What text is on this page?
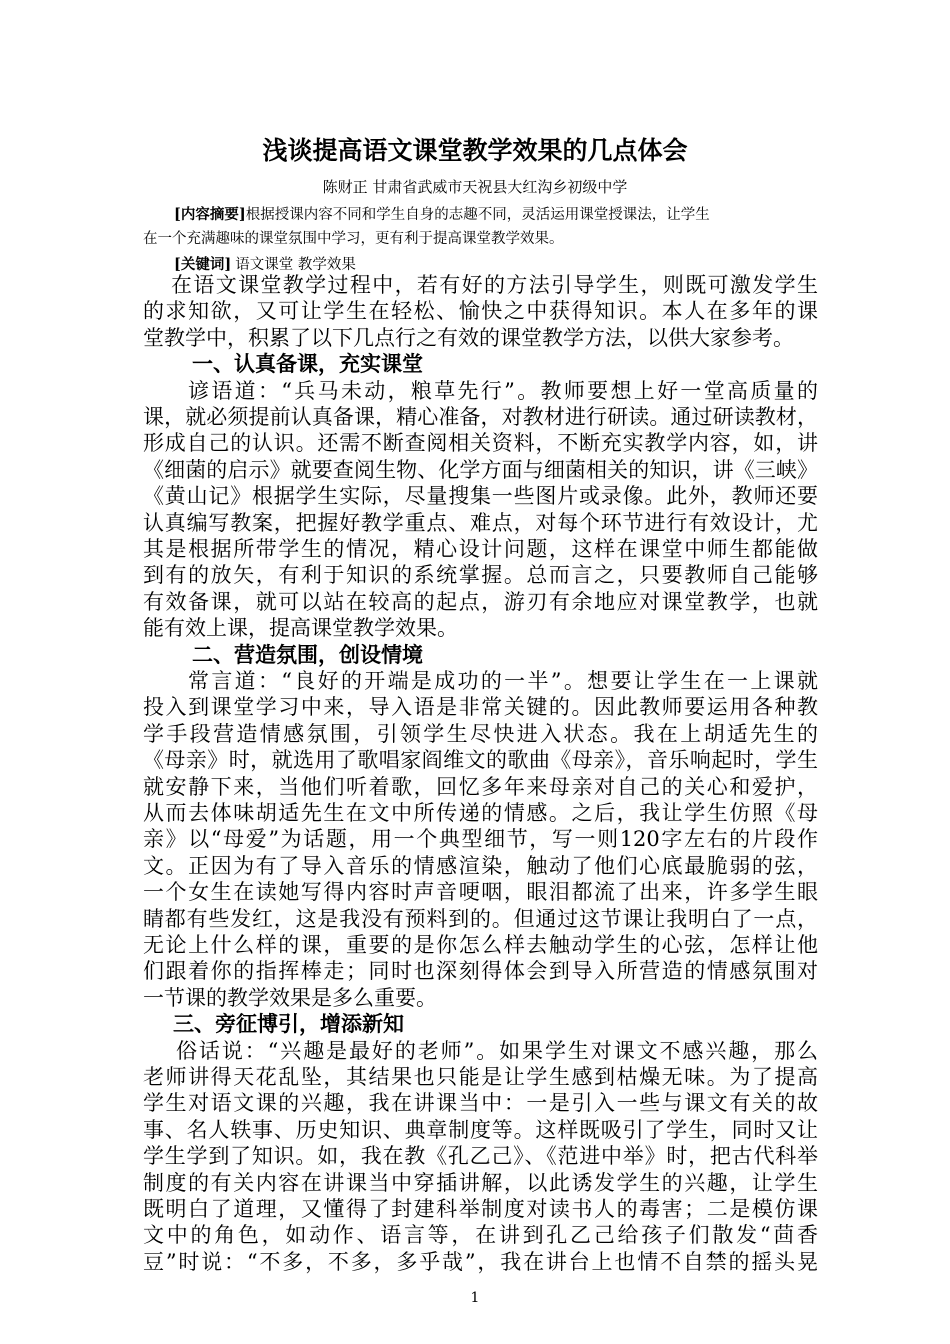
浅谈提高语文课堂教学效果的几点体会
陈财正 甘肃省武威市天祝县大红沟乡初级中学
[内容摘要]根据授课内容不同和学生自身的志趣不同，灵活运用课堂授课法，让学生
在一个充满趣味的课堂氛围中学习，更有利于提高课堂教学效果。
[关键词] 语文课堂 教学效果
在语文课堂教学过程中，若有好的方法引导学生，则既可激发学生
的求知欲，又可让学生在轻松、愉快之中获得知识。本人在多年的课
堂教学中，积累了以下几点行之有效的课堂教学方法，以供大家参考。
一、认真备课，充实课堂
谚语道：“兵马未动，粮草先行”。教师要想上好一堂高质量的
课，就必须提前认真备课，精心准备，对教材进行研读。通过研读教材，
形成自己的认识。还需不断查阅相关资料，不断充实教学内容，如，讲
《细菌的启示》就要查阅生物、化学方面与细菌相关的知识，讲《三峡》
《黄山记》根据学生实际，尽量搜集一些图片或录像。此外，教师还要
认真编写教案，把握好教学重点、难点，对每个环节进行有效设计，尤
其是根据所带学生的情况，精心设计问题，这样在课堂中师生都能做
到有的放矢，有利于知识的系统掌握。总而言之，只要教师自己能够
有效备课，就可以站在较高的起点，游刃有余地应对课堂教学，也就
能有效上课，提高课堂教学效果。
二、营造氛围，创设情境
常言道：“良好的开端是成功的一半”。想要让学生在一上课就
投入到课堂学习中来，导入语是非常关键的。因此教师要运用各种教
学手段营造情感氛围，引领学生尽快进入状态。我在上胡适先生的
《母亲》时，就选用了歌唱家阎维文的歌曲《母亲》，音乐响起时，学生
就安静下来，当他们听着歌，回忆多年来母亲对自己的关心和爱护，
从而去体味胡适先生在文中所传递的情感。之后，我让学生仿照《母
亲》以“母爱”为话题，用一个典型细节，写一则120字左右的片段作
文。正因为有了导入音乐的情感渲染，触动了他们心底最脆弱的弦，
一个女生在读她写得内容时声音哽咽，眼泪都流了出来，许多学生眼
睛都有些发红，这是我没有预料到的。但通过这节课让我明白了一点，
无论上什么样的课，重要的是你怎么样去触动学生的心弦，怎样让他
们跟着你的指挥棒走；同时也深刻得体会到导入所营造的情感氛围对
一节课的教学效果是多么重要。
三、旁征博引，增添新知
俗话说：“兴趣是最好的老师”。如果学生对课文不感兴趣，那么
老师讲得天花乱坠，其结果也只能是让学生感到枯燥无味。为了提高
学生对语文课的兴趣，我在讲课当中：一是引入一些与课文有关的故
事、名人轶事、历史知识、典章制度等。这样既吸引了学生，同时又让
学生学到了知识。如，我在教《孔乙己》、《范进中举》时，把古代科举
制度的有关内容在讲课当中穿插讲解，以此诱发学生的兴趣，让学生
既明白了道理，又懂得了封建科举制度对读书人的毒害；二是模仿课
文中的角色，如动作、语言等，在讲到孔乙己给孩子们散发“茴香
豆”时说：“不多，不多，多乎哉”，我在讲台上也情不自禁的摇头晃
1
